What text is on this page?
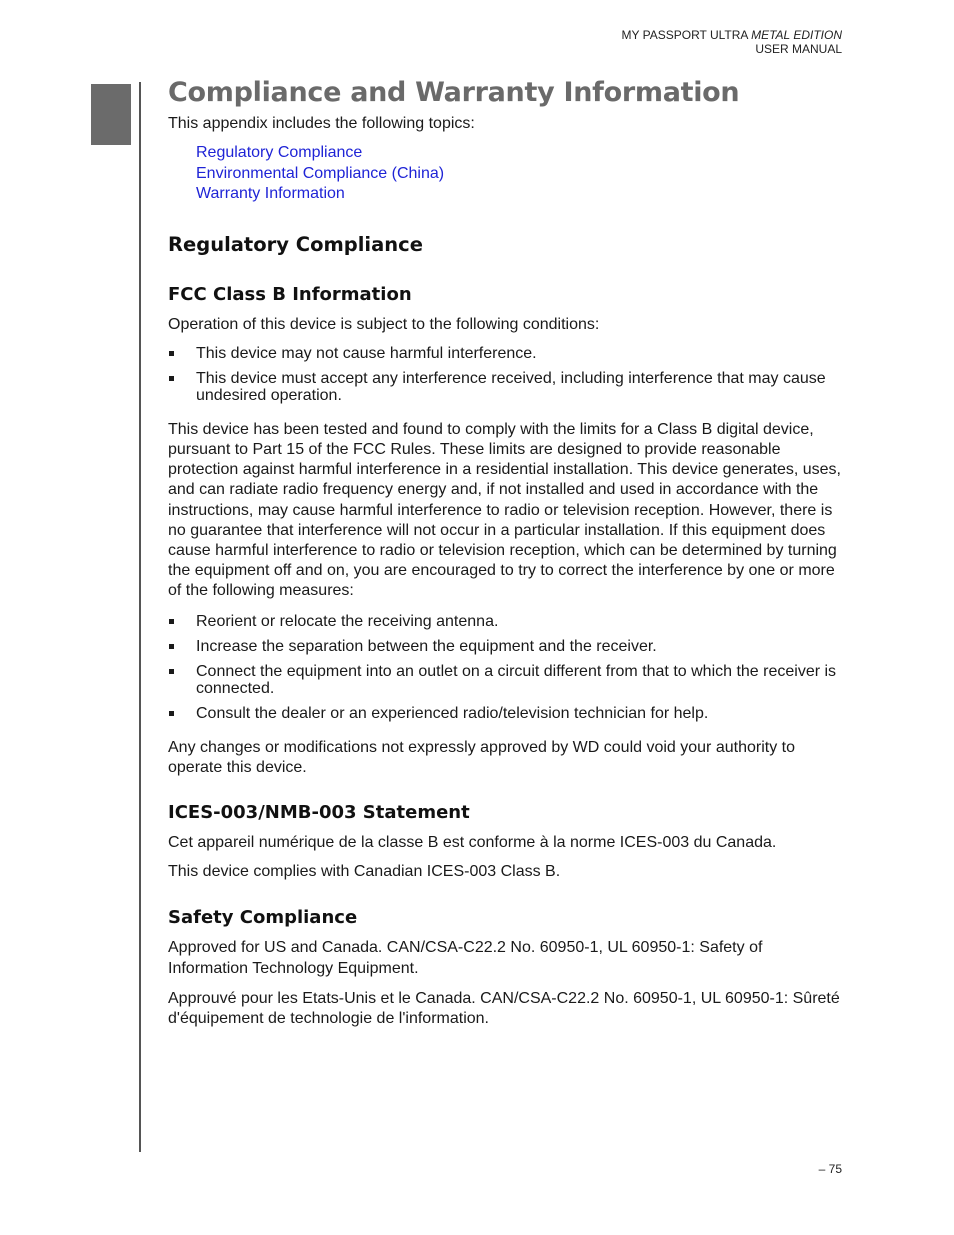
MY PASSPORT ULTRA METAL EDITION
USER MANUAL
Compliance and Warranty Information

This appendix includes the following topics:

Regulatory Compliance
Environmental Compliance (China)
Warranty Information
Regulatory Compliance
FCC Class B Information

Operation of this device is subject to the following conditions:

This device may not cause harmful interference.
This device must accept any interference received, including interference that may cause undesired operation.

This device has been tested and found to comply with the limits for a Class B digital device, pursuant to Part 15 of the FCC Rules. These limits are designed to provide reasonable protection against harmful interference in a residential installation. This device generates, uses, and can radiate radio frequency energy and, if not installed and used in accordance with the instructions, may cause harmful interference to radio or television reception. However, there is no guarantee that interference will not occur in a particular installation. If this equipment does cause harmful interference to radio or television reception, which can be determined by turning the equipment off and on, you are encouraged to try to correct the interference by one or more of the following measures:

Reorient or relocate the receiving antenna.
Increase the separation between the equipment and the receiver.
Connect the equipment into an outlet on a circuit different from that to which the receiver is connected.
Consult the dealer or an experienced radio/television technician for help.

Any changes or modifications not expressly approved by WD could void your authority to operate this device.

ICES-003/NMB-003 Statement

Cet appareil numérique de la classe B est conforme à la norme ICES-003 du Canada.

This device complies with Canadian ICES-003 Class B.

Safety Compliance

Approved for US and Canada. CAN/CSA-C22.2 No. 60950-1, UL 60950-1: Safety of Information Technology Equipment.

Approuvé pour les Etats-Unis et le Canada. CAN/CSA-C22.2 No. 60950-1, UL 60950-1: Sûreté d'équipement de technologie de l'information.

– 75
